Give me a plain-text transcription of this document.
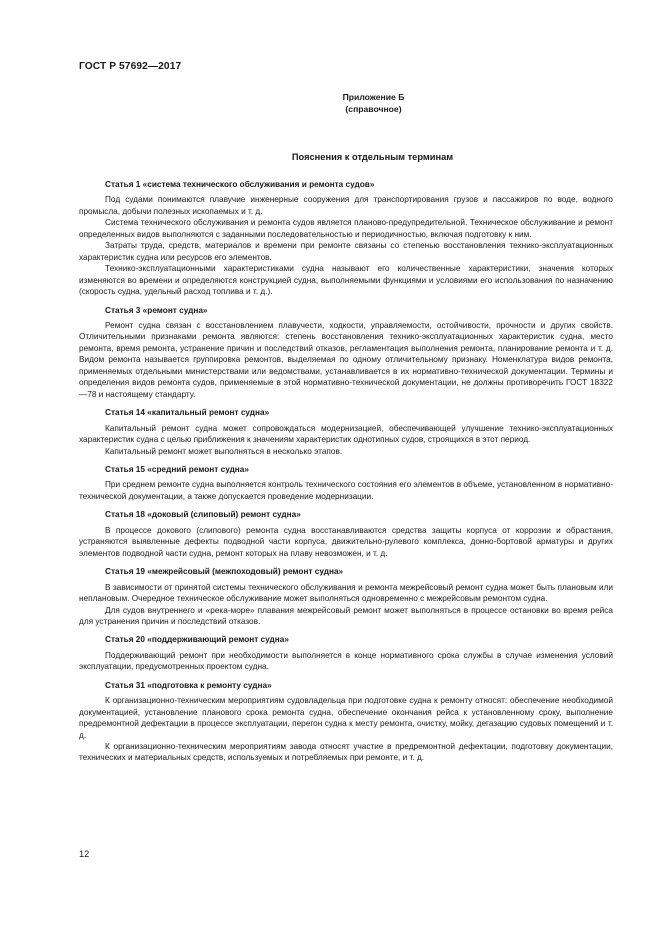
ГОСТ Р 57692—2017
Приложение Б
(справочное)
Пояснения к отдельным терминам

Статья 1 «система технического обслуживания и ремонта судов»

Под судами понимаются плавучие инженерные сооружения для транспортирования грузов и пассажиров по воде, водного промысла, добычи полезных ископаемых и т. д.

Система технического обслуживания и ремонта судов является планово-предупредительной. Техническое обслуживание и ремонт определенных видов выполняются с заданными последовательностью и периодичностью, включая подготовку к ним.

Затраты труда, средств, материалов и времени при ремонте связаны со степенью восстановления технико-эксплуатационных характеристик судна или ресурсов его элементов.

Технико-эксплуатационными характеристиками судна называют его количественные характеристики, значения которых изменяются во времени и определяются конструкцией судна, выполняемыми функциями и условиями его использования по назначению (скорость судна, удельный расход топлива и т. д.).

Статья 3 «ремонт судна»

Ремонт судна связан с восстановлением плавучести, ходкости, управляемости, остойчивости, прочности и других свойств. Отличительными признаками ремонта являются: степень восстановления технико-эксплуатационных характеристик судна, место ремонта, время ремонта, устранение причин и последствий отказов, регламентация выполнения ремонта, планирование ремонта и т. д. Видом ремонта называется группировка ремонтов, выделяемая по одному отличительному признаку. Номенклатура видов ремонта, применяемых отдельными министерствами или ведомствами, устанавливается в их нормативно-технической документации. Термины и определения видов ремонта судов, применяемые в этой нормативно-технической документации, не должны противоречить ГОСТ 18322—78 и настоящему стандарту.

Статья 14 «капитальный ремонт судна»

Капитальный ремонт судна может сопровождаться модернизацией, обеспечивающей улучшение технико-эксплуатационных характеристик судна с целью приближения к значениям характеристик однотипных судов, строящихся в этот период.

Капитальный ремонт может выполняться в несколько этапов.

Статья 15 «средний ремонт судна»

При среднем ремонте судна выполняется контроль технического состояния его элементов в объеме, установленном в нормативно-технической документации, а также допускается проведение модернизации.

Статья 18 «доковый (слиповый) ремонт судна»

В процессе докового (слипового) ремонта судна восстанавливаются средства защиты корпуса от коррозии и обрастания, устраняются выявленные дефекты подводной части корпуса, движительно-рулевого комплекса, донно-бортовой арматуры и других элементов подводной части судна, ремонт которых на плаву невозможен, и т. д.

Статья 19 «межрейсовый (межпоходовый) ремонт судна»

В зависимости от принятой системы технического обслуживания и ремонта межрейсовый ремонт судна может быть плановым или неплановым. Очередное техническое обслуживание может выполняться одновременно с межрейсовым ремонтом судна.

Для судов внутреннего и «река-море» плавания межрейсовый ремонт может выполняться в процессе остановки во время рейса для устранения причин и последствий отказов.

Статья 20 «поддерживающий ремонт судна»

Поддерживающий ремонт при необходимости выполняется в конце нормативного срока службы в случае изменения условий эксплуатации, предусмотренных проектом судна.

Статья 31 «подготовка к ремонту судна»

К организационно-техническим мероприятиям судовладельца при подготовке судна к ремонту относят: обеспечение необходимой документацией, установление планового срока ремонта судна, обеспечение окончания рейса к установленному сроку, выполнение предремонтной дефектации в процессе эксплуатации, перегон судна к месту ремонта, очистку, мойку, дегазацию судовых помещений и т. д.

К организационно-техническим мероприятиям завода относят участие в предремонтной дефектации, подготовку документации, технических и материальных средств, используемых и потребляемых при ремонте, и т. д.

12
